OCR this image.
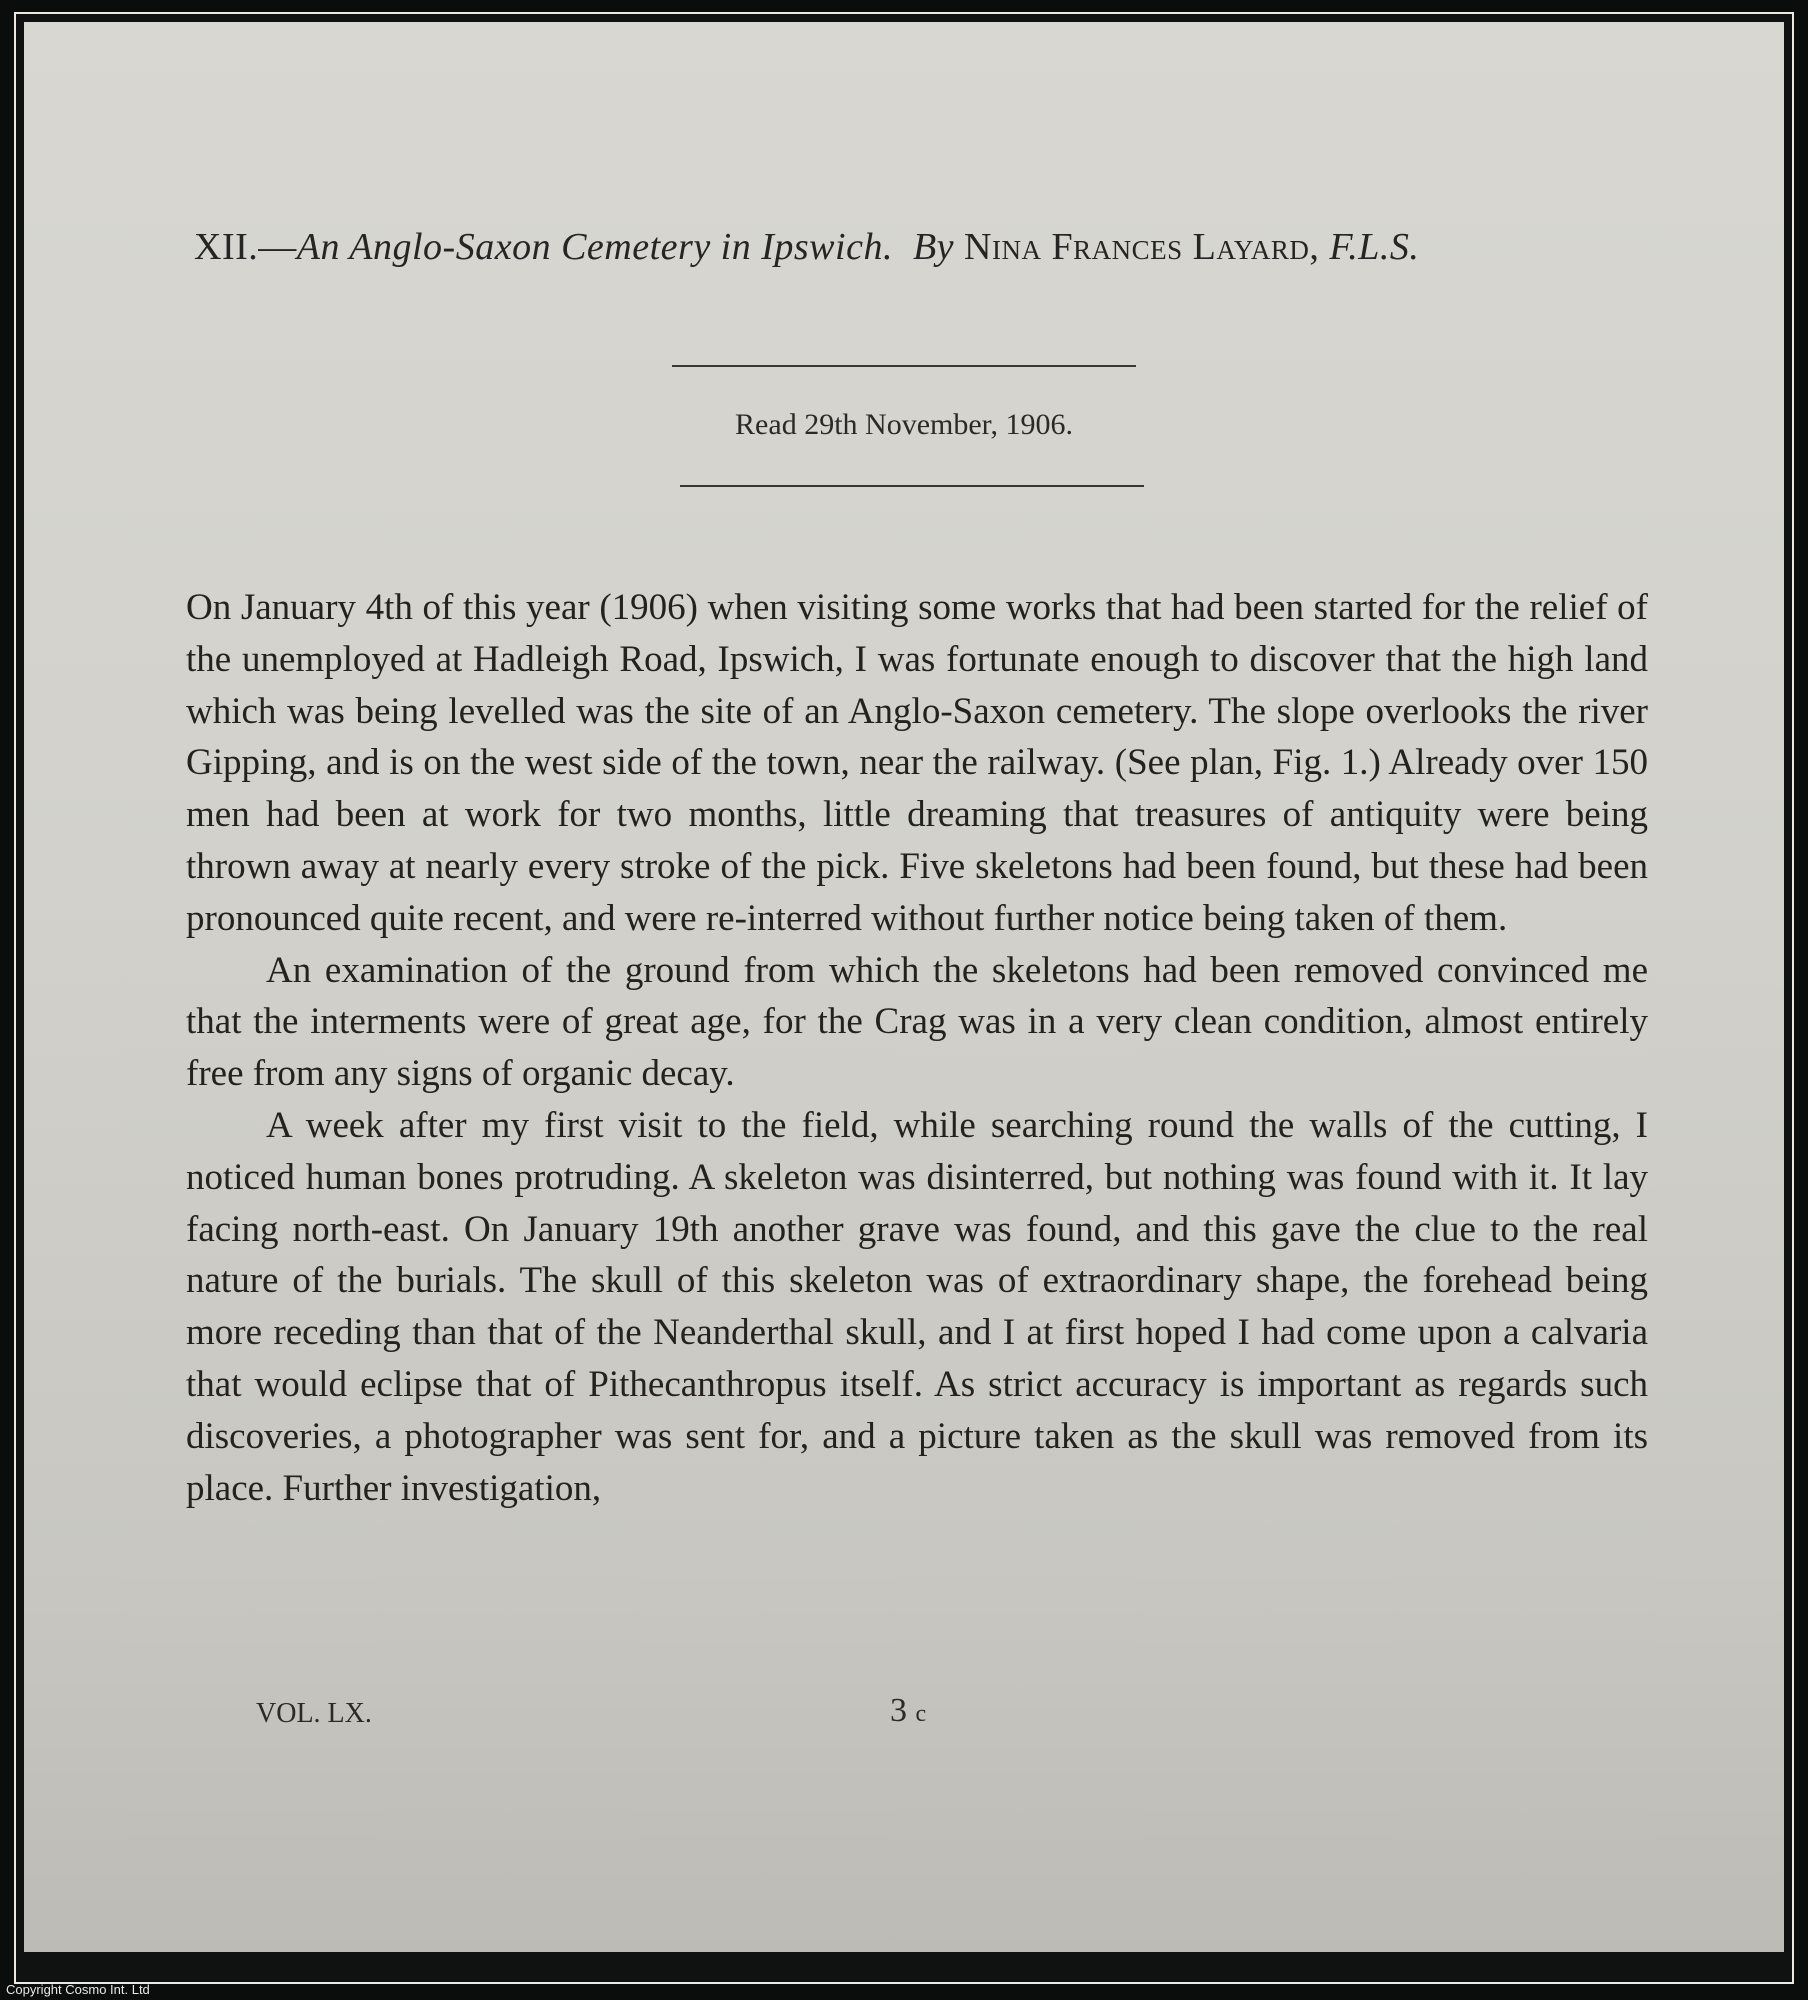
XII.—An Anglo-Saxon Cemetery in Ipswich. By Nina Frances Layard, F.L.S.
Read 29th November, 1906.

On January 4th of this year (1906) when visiting some works that had been started for the relief of the unemployed at Hadleigh Road, Ipswich, I was fortunate enough to discover that the high land which was being levelled was the site of an Anglo-Saxon cemetery. The slope overlooks the river Gipping, and is on the west side of the town, near the railway. (See plan, Fig. 1.) Already over 150 men had been at work for two months, little dreaming that treasures of antiquity were being thrown away at nearly every stroke of the pick. Five skeletons had been found, but these had been pronounced quite recent, and were re-interred without further notice being taken of them.

An examination of the ground from which the skeletons had been removed convinced me that the interments were of great age, for the Crag was in a very clean condition, almost entirely free from any signs of organic decay.

A week after my first visit to the field, while searching round the walls of the cutting, I noticed human bones protruding. A skeleton was disinterred, but nothing was found with it. It lay facing north-east. On January 19th another grave was found, and this gave the clue to the real nature of the burials. The skull of this skeleton was of extraordinary shape, the forehead being more receding than that of the Neanderthal skull, and I at first hoped I had come upon a calvaria that would eclipse that of Pithecanthropus itself. As strict accuracy is important as regards such discoveries, a photographer was sent for, and a picture taken as the skull was removed from its place. Further investigation,

VOL. LX.	3 c
Copyright Cosmo Int. Ltd
